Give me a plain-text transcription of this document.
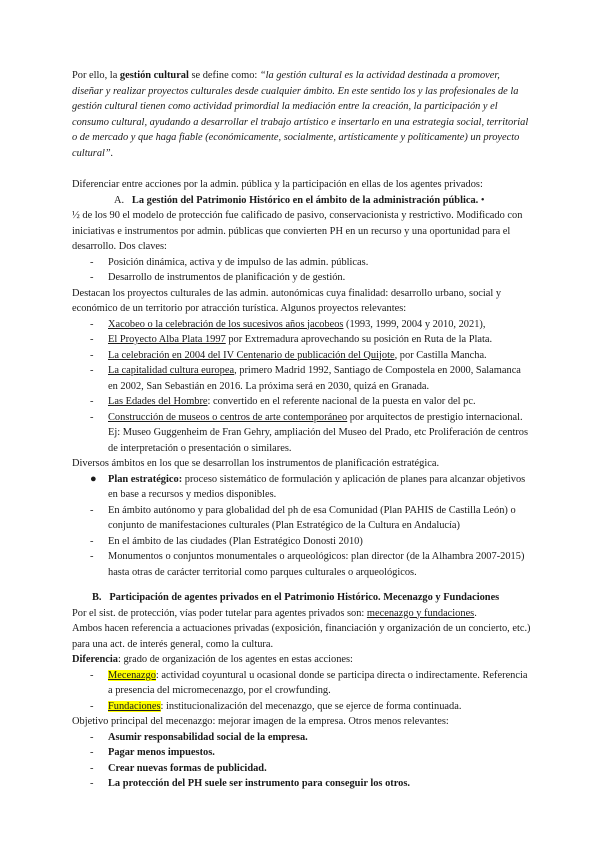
Por ello, la gestión cultural se define como: “la gestión cultural es la actividad destinada a promover, diseñar y realizar proyectos culturales desde cualquier ámbito. En este sentido los y las profesionales de la gestión cultural tienen como actividad primordial la mediación entre la creación, la participación y el consumo cultural, ayudando a desarrollar el trabajo artístico e insertarlo en una estrategia social, territorial o de mercado y que haga fiable (económicamente, socialmente, artísticamente y políticamente) un proyecto cultural”.

Diferenciar entre acciones por la admin. pública y la participación en ellas de los agentes privados:

A. La gestión del Patrimonio Histórico en el ámbito de la administración pública. •

½ de los 90 el modelo de protección fue calificado de pasivo, conservacionista y restrictivo. Modificado con iniciativas e instrumentos por admin. públicas que convierten PH en un recurso y una oportunidad para el desarrollo. Dos claves:

- Posición dinámica, activa y de impulso de las admin. públicas.
- Desarrollo de instrumentos de planificación y de gestión.

Destacan los proyectos culturales de las admin. autonómicas cuya finalidad: desarrollo urbano, social y económico de un territorio por atracción turística. Algunos proyectos relevantes:

- Xacobeo o la celebración de los sucesivos años jacobeos (1993, 1999, 2004 y 2010, 2021),
- El Proyecto Alba Plata 1997 por Extremadura aprovechando su posición en Ruta de la Plata.
- La celebración en 2004 del IV Centenario de publicación del Quijote, por Castilla Mancha.
- La capitalidad cultura europea, primero Madrid 1992, Santiago de Compostela en 2000, Salamanca en 2002, San Sebastián en 2016. La próxima será en 2030, quizá en Granada.
- Las Edades del Hombre: convertido en el referente nacional de la puesta en valor del pc.
- Construcción de museos o centros de arte contemporáneo por arquitectos de prestigio internacional. Ej: Museo Guggenheim de Fran Gehry, ampliación del Museo del Prado, etc Proliferación de centros de interpretación o presentación o similares.

Diversos ámbitos en los que se desarrollan los instrumentos de planificación estratégica.

● Plan estratégico: proceso sistemático de formulación y aplicación de planes para alcanzar objetivos en base a recursos y medios disponibles.
- En ámbito autónomo y para globalidad del ph de esa Comunidad (Plan PAHIS de Castilla León) o conjunto de manifestaciones culturales (Plan Estratégico de la Cultura en Andalucía)
- En el ámbito de las ciudades (Plan Estratégico Donosti 2010)
- Monumentos o conjuntos monumentales o arqueológicos: plan director (de la Alhambra 2007-2015) hasta otras de carácter territorial como parques culturales o arqueológicos.

B. Participación de agentes privados en el Patrimonio Histórico. Mecenazgo y Fundaciones

Por el sist. de protección, vías poder tutelar para agentes privados son: mecenazgo y fundaciones.

Ambos hacen referencia a actuaciones privadas (exposición, financiación y organización de un concierto, etc.) para una act. de interés general, como la cultura.

Diferencia: grado de organización de los agentes en estas acciones:

- Mecenazgo: actividad coyuntural u ocasional donde se participa directa o indirectamente. Referencia a presencia del micromecenazgo, por el crowfunding.
- Fundaciones: institucionalización del mecenazgo, que se ejerce de forma continuada.

Objetivo principal del mecenazgo: mejorar imagen de la empresa. Otros menos relevantes:

- Asumir responsabilidad social de la empresa.
- Pagar menos impuestos.
- Crear nuevas formas de publicidad.
- La protección del PH suele ser instrumento para conseguir los otros.
